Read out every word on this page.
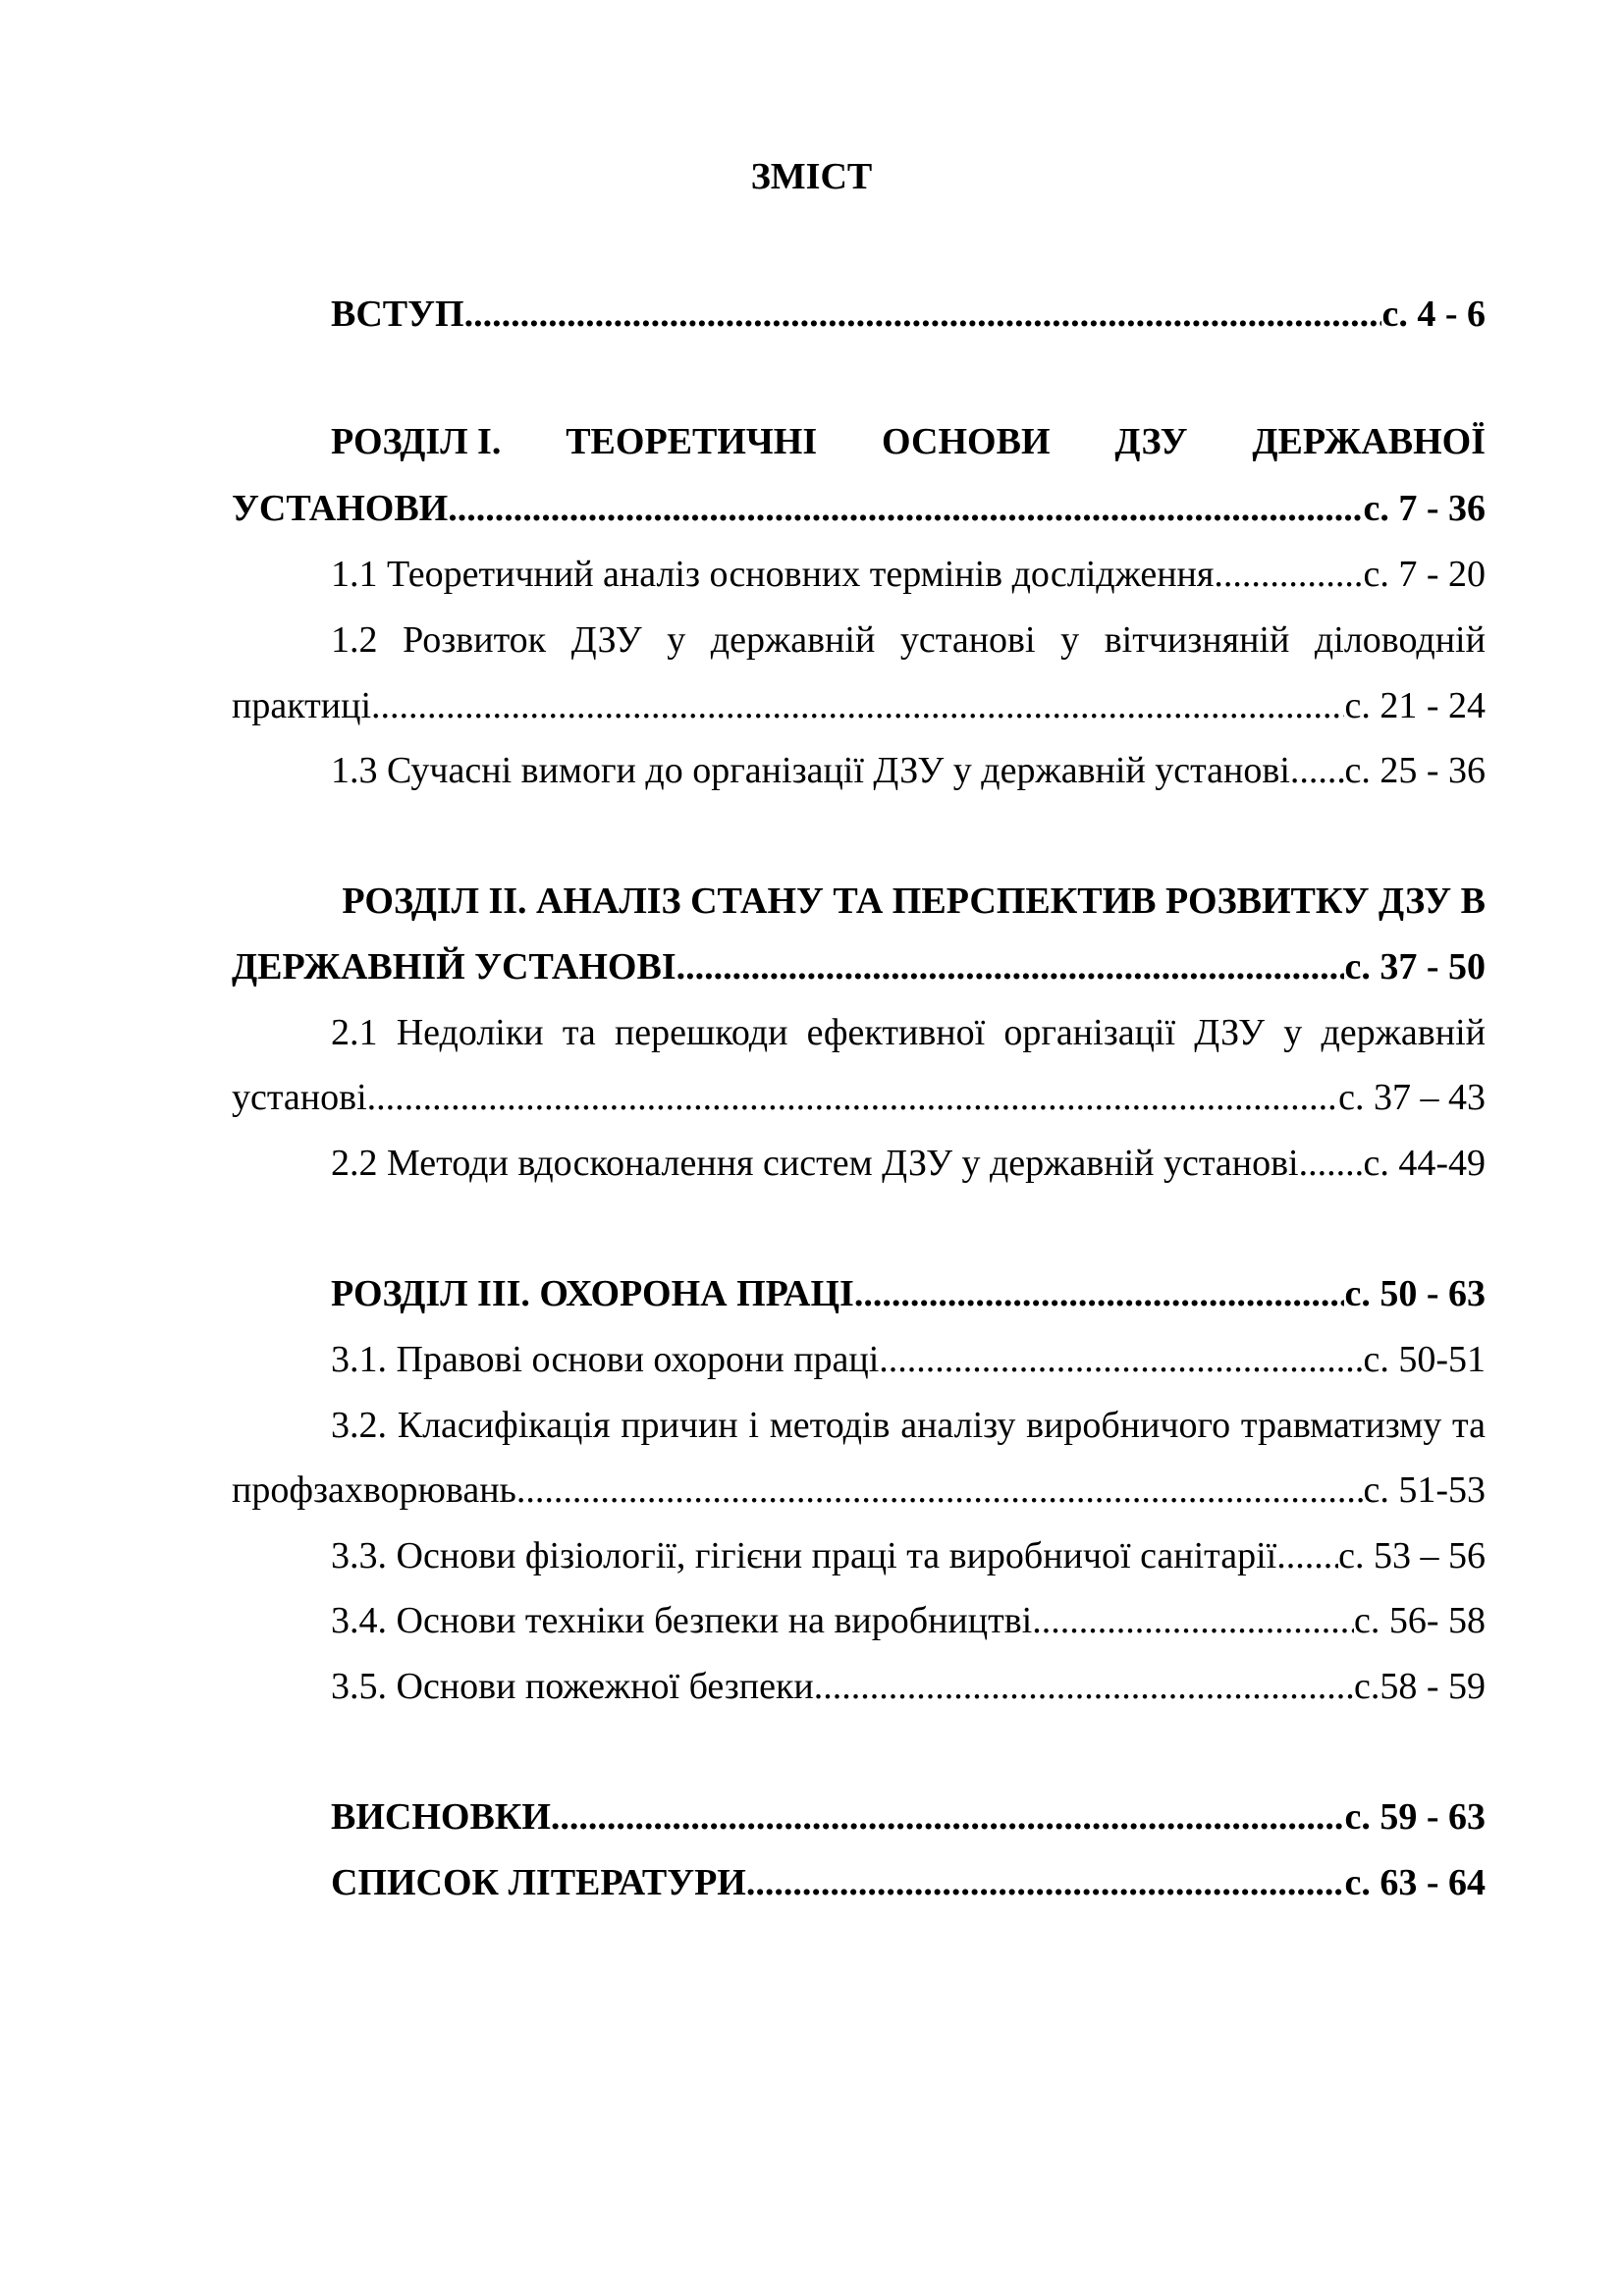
ЗМІСТ
ВСТУП .....	с. 4 - 6
РОЗДІЛ I. ТЕОРЕТИЧНІ ОСНОВИ ДЗУ ДЕРЖАВНОЇ
УСТАНОВИ .....	с. 7 - 36
1.1 Теоретичний аналіз основних термінів дослідження .....	с. 7 - 20
1.2 Розвиток ДЗУ у державній установі у вітчизняній діловодній
практиці .....	с. 21 - 24
1.3 Сучасні вимоги до організації ДЗУ у державній установі ..... с. 25 - 36
РОЗДІЛ II. АНАЛІЗ СТАНУ ТА ПЕРСПЕКТИВ РОЗВИТКУ ДЗУ В
ДЕРЖАВНІЙ УСТАНОВІ .....	с. 37 - 50
2.1 Недоліки та перешкоди ефективної організації ДЗУ у державній
установі .....	с. 37 – 43
2.2 Методи вдосконалення систем ДЗУ у державній установі ..... с. 44-49
РОЗДІЛ III. ОХОРОНА ПРАЦІ .....	с. 50 - 63
3.1. Правові основи охорони праці .....	с. 50-51
3.2. Класифікація причин і методів аналізу виробничого травматизму та
профзахворювань .....	с. 51-53
3.3. Основи фізіології, гігієни праці та виробничої санітарії ..... с. 53 – 56
3.4. Основи техніки безпеки на виробництві .....	с. 56- 58
3.5. Основи пожежної безпеки .....	с.58 - 59
ВИСНОВКИ .....	с. 59 - 63
СПИСОК ЛІТЕРАТУРИ .....	с. 63 - 64
